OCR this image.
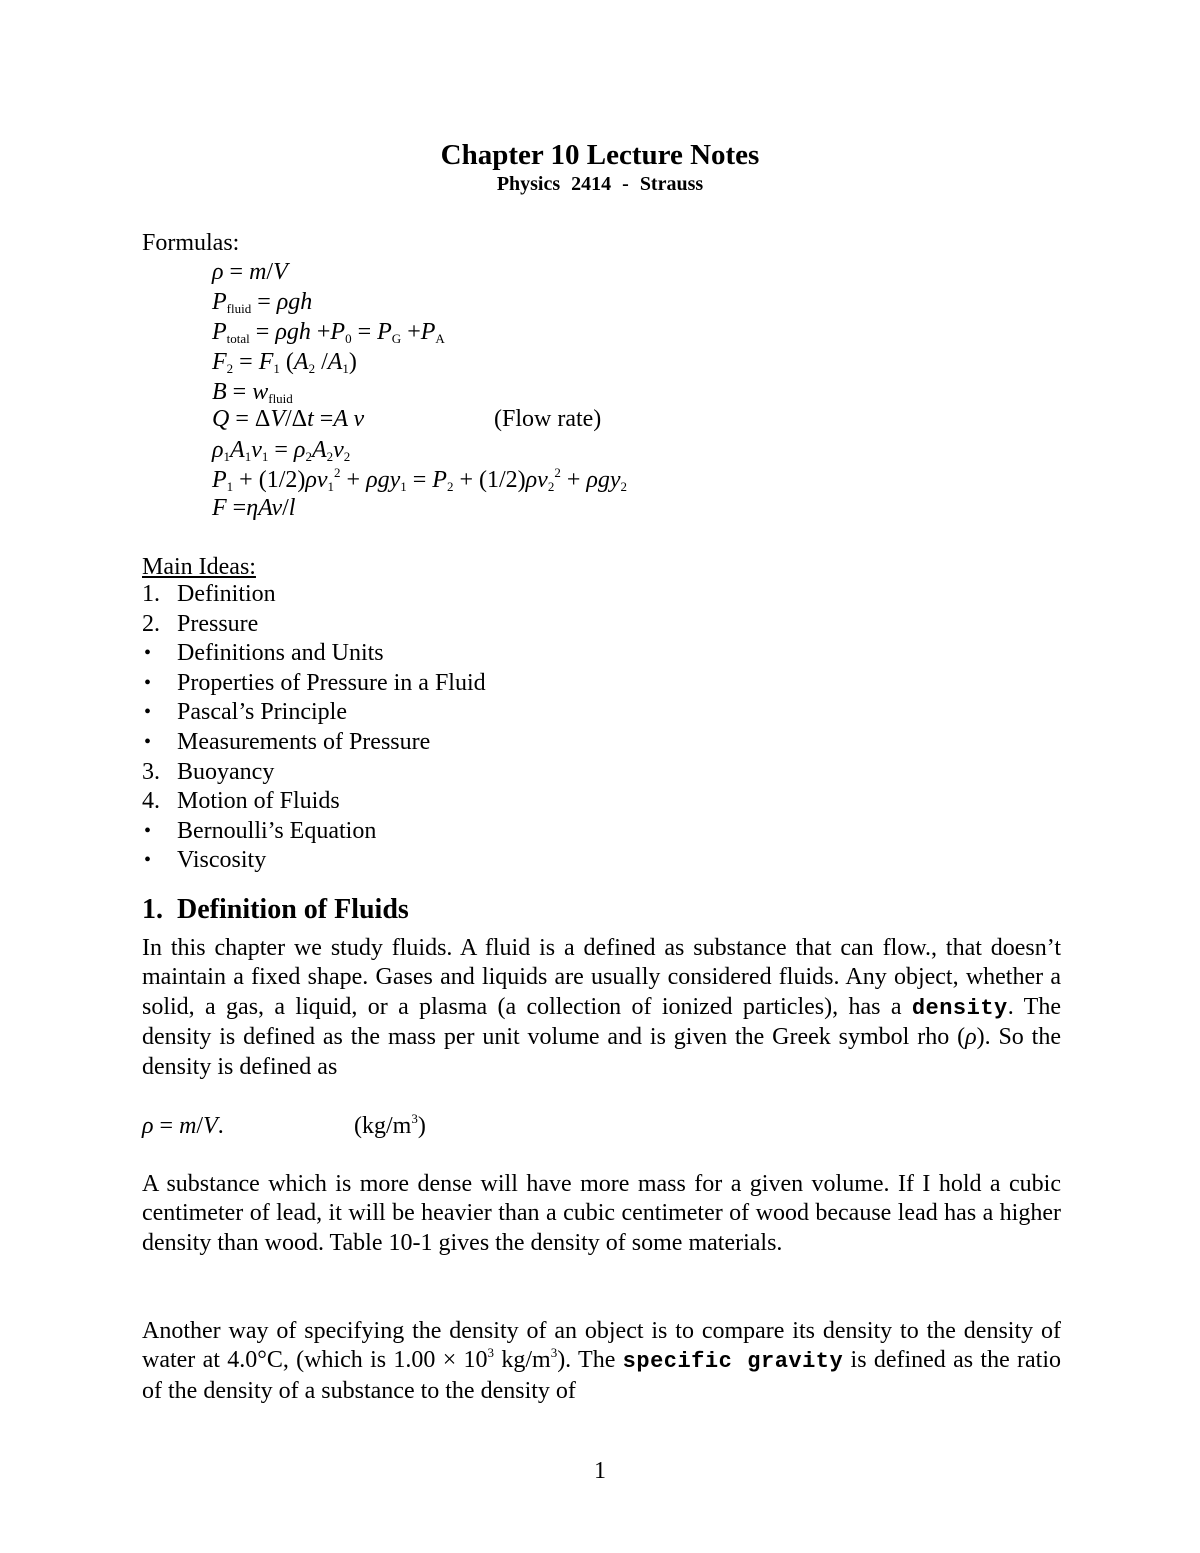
Chapter 10 Lecture Notes
Physics 2414 - Strauss
Formulas:
ρ = m/V
$P_{fluid} = \rho gh$
$P_{total} = \rho gh +P_0 = P_G +P_A$
$F_2 = F_1$ ($A_2$ $/A_1$)
$B = w_{fluid}$
Q = ΔV/Δt =A v	(Flow rate)
$\rho_1A_1v_1 = \rho_2A_2v_2$
$P_1 + (1/2)\rho v_1^2 + \rho gy_1 = P_2 + (1/2)\rho v_2^2 + \rho gy_2$
F =ηAv/l
Main Ideas:
1. Definition
2. Pressure
•	Definitions and Units
•	Properties of Pressure in a Fluid
•	Pascal’s Principle
•	Measurements of Pressure
3. Buoyancy
4. Motion of Fluids
•	Bernoulli’s Equation
•	Viscosity
1. Definition of Fluids

In this chapter we study fluids. A fluid is a defined as substance that can flow., that doesn’t maintain a fixed shape. Gases and liquids are usually considered fluids. Any object, whether a solid, a gas, a liquid, or a plasma (a collection of ionized particles), has a density. The density is defined as the mass per unit volume and is given the Greek symbol rho (ρ). So the density is defined as

ρ = m/V.	$(kg/m^3)$

A substance which is more dense will have more mass for a given volume. If I hold a cubic centimeter of lead, it will be heavier than a cubic centimeter of wood because lead has a higher density than wood. Table 10-1 gives the density of some materials.

Another way of specifying the density of an object is to compare its density to the density of water at 4.0°C, (which is $1.00 \times 10^3$ $kg/m^3$). The specific gravity is defined as the ratio of the density of a substance to the density of

1
